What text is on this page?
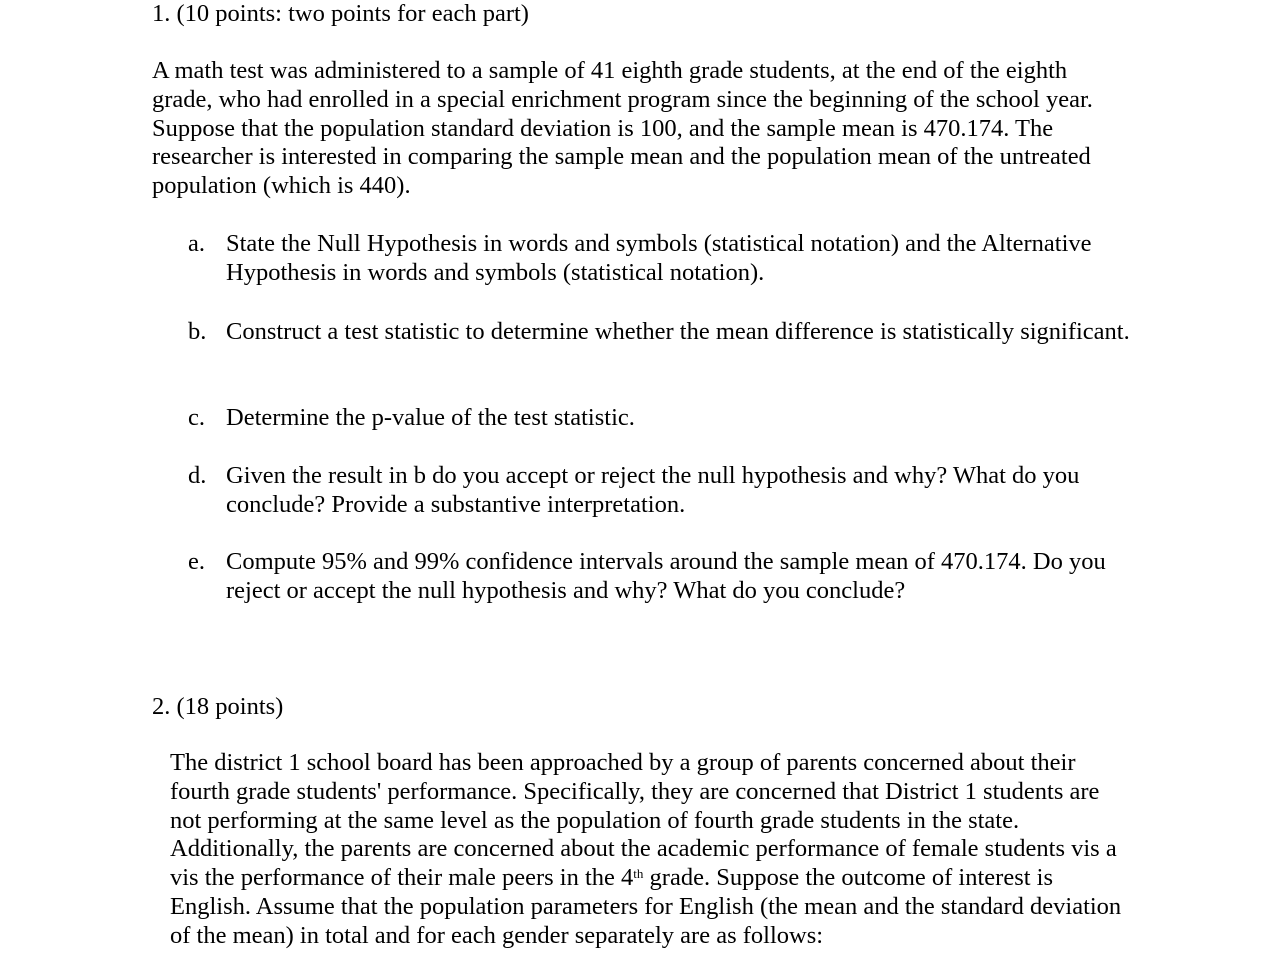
1. (10 points: two points for each part)
A math test was administered to a sample of 41 eighth grade students, at the end of the eighth grade, who had enrolled in a special enrichment program since the beginning of the school year. Suppose that the population standard deviation is 100, and the sample mean is 470.174. The researcher is interested in comparing the sample mean and the population mean of the untreated population (which is 440).
a. State the Null Hypothesis in words and symbols (statistical notation) and the Alternative Hypothesis in words and symbols (statistical notation).
b. Construct a test statistic to determine whether the mean difference is statistically significant.
c. Determine the p-value of the test statistic.
d. Given the result in b do you accept or reject the null hypothesis and why? What do you conclude? Provide a substantive interpretation.
e. Compute 95% and 99% confidence intervals around the sample mean of 470.174. Do you reject or accept the null hypothesis and why? What do you conclude?
2. (18 points)
The district 1 school board has been approached by a group of parents concerned about their fourth grade students' performance. Specifically, they are concerned that District 1 students are not performing at the same level as the population of fourth grade students in the state. Additionally, the parents are concerned about the academic performance of female students vis a vis the performance of their male peers in the 4th grade. Suppose the outcome of interest is English. Assume that the population parameters for English (the mean and the standard deviation of the mean) in total and for each gender separately are as follows:
